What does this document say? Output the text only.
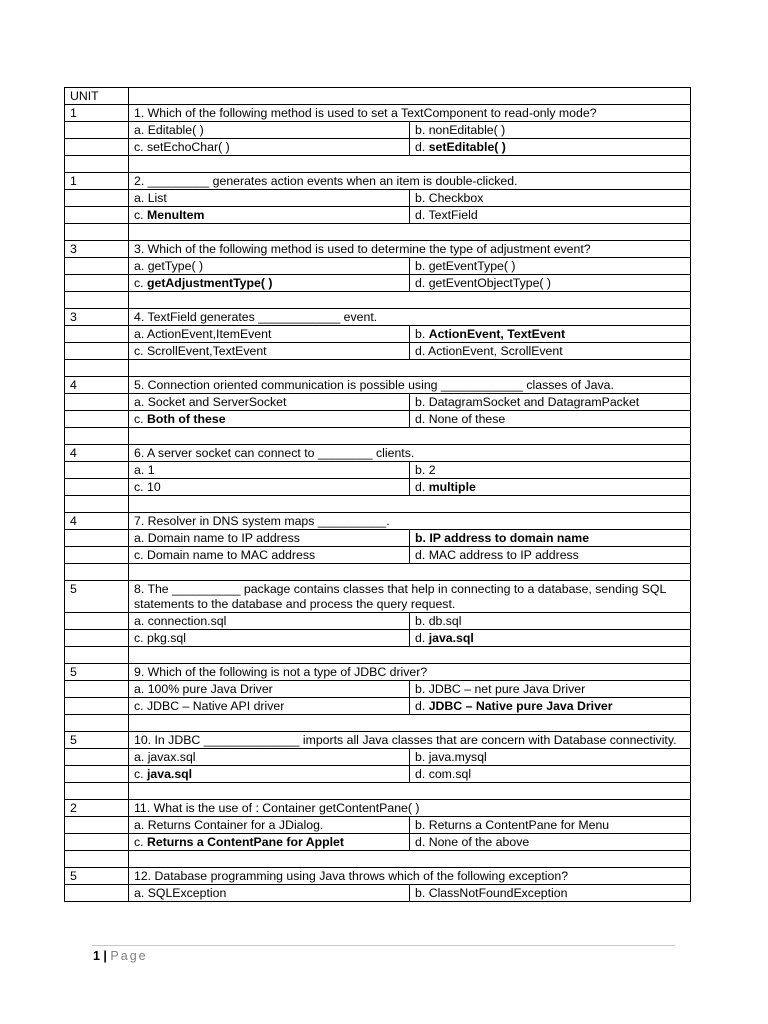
UNIT		
1	1. Which of the following method is used to set a TextComponent to read-only mode?	
	a. Editable( )	b. nonEditable( )
	c. setEchoChar( )	d. setEditable( )

1	2. _________ generates action events when an item is double-clicked.	
	a. List	b. Checkbox
	c. MenuItem	d. TextField

3	3. Which of the following method is used to determine the type of adjustment event?	
	a. getType( )	b. getEventType( )
	c. getAdjustmentType( )	d. getEventObjectType( )

3	4. TextField generates ____________ event.	
	a. ActionEvent,ItemEvent	b. ActionEvent, TextEvent
	c. ScrollEvent,TextEvent	d. ActionEvent, ScrollEvent

4	5. Connection oriented communication is possible using ____________ classes of Java.	
	a. Socket and ServerSocket	b. DatagramSocket and DatagramPacket
	c. Both of these	d. None of these

4	6. A server socket can connect to ________ clients.	
	a. 1	b. 2
	c. 10	d. multiple

4	7. Resolver in DNS system maps __________.	
	a. Domain name to IP address	b. IP address to domain name
	c. Domain name to MAC address	d. MAC address to IP address

5	8. The __________ package contains classes that help in connecting to a database, sending SQL statements to the database and process the query request.	
	a. connection.sql	b. db.sql
	c. pkg.sql	d. java.sql

5	9. Which of the following is not a type of JDBC driver?	
	a. 100% pure Java Driver	b. JDBC – net pure Java Driver
	c. JDBC – Native API driver	d. JDBC – Native pure Java Driver

5	10. In JDBC ______________ imports all Java classes that are concern with Database connectivity.	
	a. javax.sql	b. java.mysql
	c. java.sql	d. com.sql

2	11. What is the use of : Container getContentPane( )	
	a. Returns Container for a JDialog.	b. Returns a ContentPane for Menu
	c. Returns a ContentPane for Applet	d. None of the above

5	12. Database programming using Java throws which of the following exception?	
	a. SQLException	b. ClassNotFoundException
1 | Page
